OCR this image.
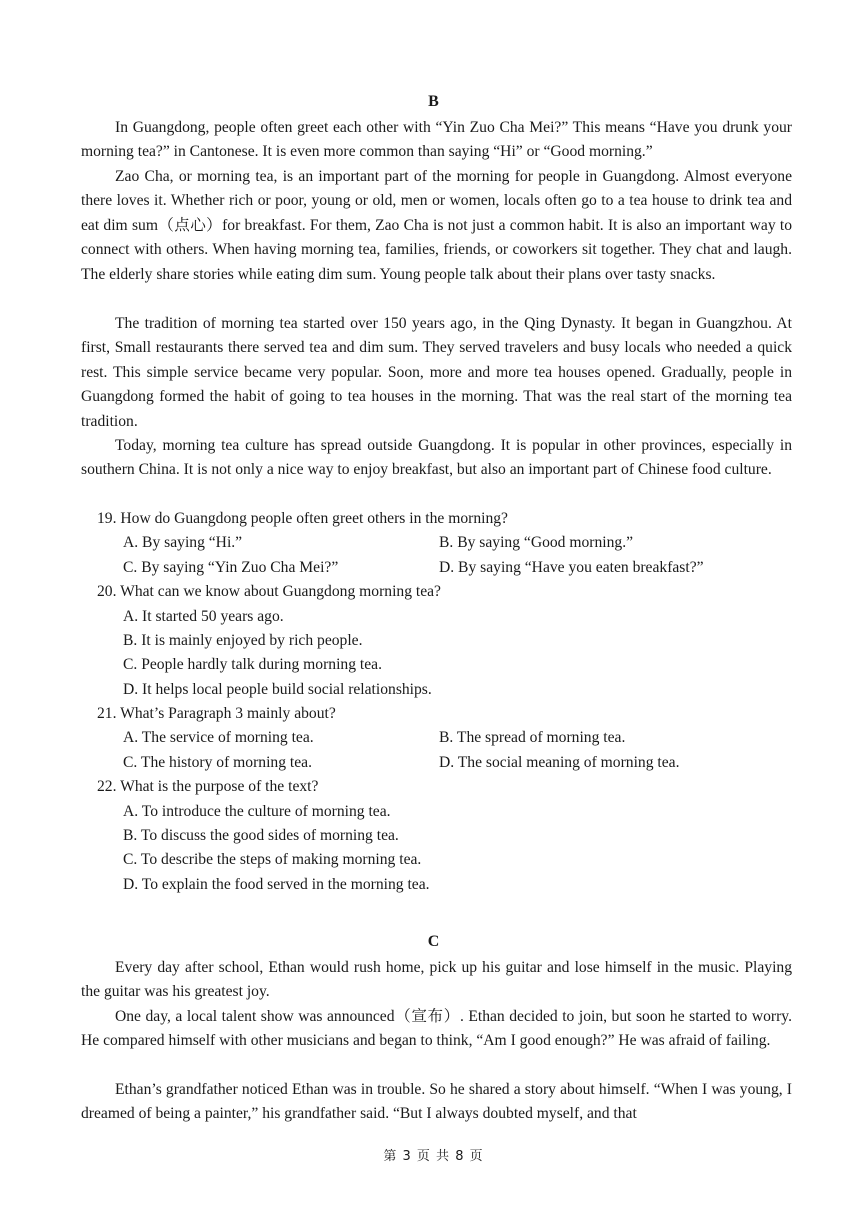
B

In Guangdong, people often greet each other with “Yin Zuo Cha Mei?” This means “Have you drunk your morning tea?” in Cantonese. It is even more common than saying “Hi” or “Good morning.”

Zao Cha, or morning tea, is an important part of the morning for people in Guangdong. Almost everyone there loves it. Whether rich or poor, young or old, men or women, locals often go to a tea house to drink tea and eat dim sum（点心）for breakfast. For them, Zao Cha is not just a common habit. It is also an important way to connect with others. When having morning tea, families, friends, or coworkers sit together. They chat and laugh. The elderly share stories while eating dim sum. Young people talk about their plans over tasty snacks.

The tradition of morning tea started over 150 years ago, in the Qing Dynasty. It began in Guangzhou. At first, Small restaurants there served tea and dim sum. They served travelers and busy locals who needed a quick rest. This simple service became very popular. Soon, more and more tea houses opened. Gradually, people in Guangdong formed the habit of going to tea houses in the morning. That was the real start of the morning tea tradition.

Today, morning tea culture has spread outside Guangdong. It is popular in other provinces, especially in southern China. It is not only a nice way to enjoy breakfast, but also an important part of Chinese food culture.

19. How do Guangdong people often greet others in the morning?
A. By saying “Hi.”	B. By saying “Good morning.”
C. By saying “Yin Zuo Cha Mei?”	D. By saying “Have you eaten breakfast?”
20. What can we know about Guangdong morning tea?
A. It started 50 years ago.
B. It is mainly enjoyed by rich people.
C. People hardly talk during morning tea.
D. It helps local people build social relationships.
21. What’s Paragraph 3 mainly about?
A. The service of morning tea.	B. The spread of morning tea.
C. The history of morning tea.	D. The social meaning of morning tea.
22. What is the purpose of the text?
A. To introduce the culture of morning tea.
B. To discuss the good sides of morning tea.
C. To describe the steps of making morning tea.
D. To explain the food served in the morning tea.
C

Every day after school, Ethan would rush home, pick up his guitar and lose himself in the music. Playing the guitar was his greatest joy.

One day, a local talent show was announced（宣布）. Ethan decided to join, but soon he started to worry. He compared himself with other musicians and began to think, “Am I good enough?” He was afraid of failing.

Ethan’s grandfather noticed Ethan was in trouble. So he shared a story about himself. “When I was young, I dreamed of being a painter,” his grandfather said. “But I always doubted myself, and that

第 3 页 共 8 页
